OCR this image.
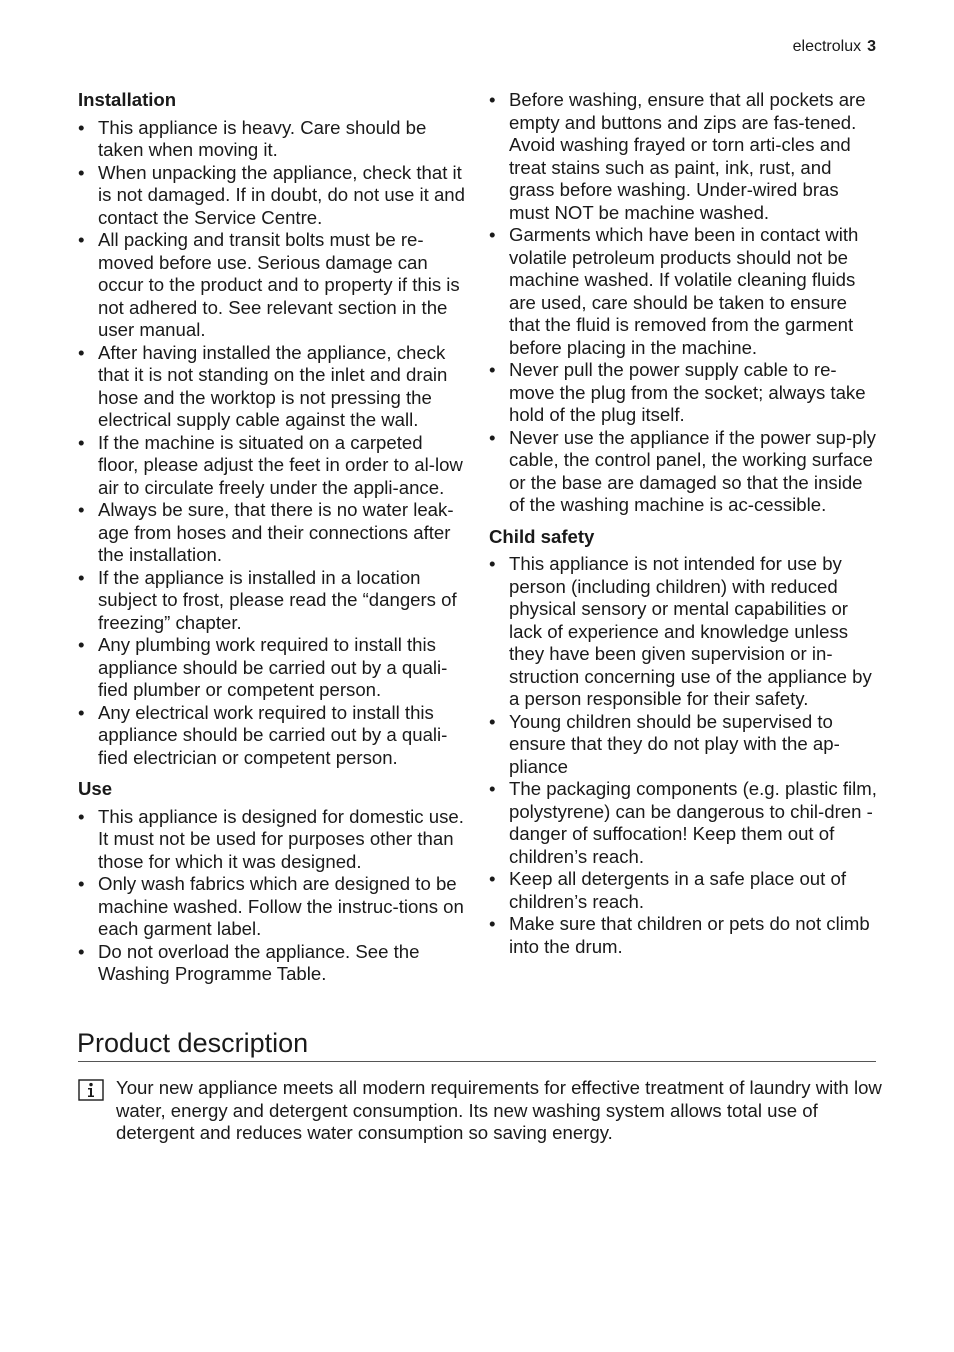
electrolux 3
Installation
• This appliance is heavy. Care should be taken when moving it.
• When unpacking the appliance, check that it is not damaged. If in doubt, do not use it and contact the Service Centre.
• All packing and transit bolts must be re-moved before use. Serious damage can occur to the product and to property if this is not adhered to. See relevant section in the user manual.
• After having installed the appliance, check that it is not standing on the inlet and drain hose and the worktop is not pressing the electrical supply cable against the wall.
• If the machine is situated on a carpeted floor, please adjust the feet in order to al-low air to circulate freely under the appli-ance.
• Always be sure, that there is no water leak-age from hoses and their connections after the installation.
• If the appliance is installed in a location subject to frost, please read the “dangers of freezing” chapter.
• Any plumbing work required to install this appliance should be carried out by a quali-fied plumber or competent person.
• Any electrical work required to install this appliance should be carried out by a quali-fied electrician or competent person.
Use
• This appliance is designed for domestic use. It must not be used for purposes other than those for which it was designed.
• Only wash fabrics which are designed to be machine washed. Follow the instruc-tions on each garment label.
• Do not overload the appliance. See the Washing Programme Table.
• Before washing, ensure that all pockets are empty and buttons and zips are fas-tened. Avoid washing frayed or torn arti-cles and treat stains such as paint, ink, rust, and grass before washing. Under-wired bras must NOT be machine washed.
• Garments which have been in contact with volatile petroleum products should not be machine washed. If volatile cleaning fluids are used, care should be taken to ensure that the fluid is removed from the garment before placing in the machine.
• Never pull the power supply cable to re-move the plug from the socket; always take hold of the plug itself.
• Never use the appliance if the power sup-ply cable, the control panel, the working surface or the base are damaged so that the inside of the washing machine is ac-cessible.
Child safety
• This appliance is not intended for use by person (including children) with reduced physical sensory or mental capabilities or lack of experience and knowledge unless they have been given supervision or in-struction concerning use of the appliance by a person responsible for their safety.
• Young children should be supervised to ensure that they do not play with the ap-pliance
• The packaging components (e.g. plastic film, polystyrene) can be dangerous to chil-dren - danger of suffocation! Keep them out of children’s reach.
• Keep all detergents in a safe place out of children’s reach.
• Make sure that children or pets do not climb into the drum.
Product description

Your new appliance meets all modern requirements for effective treatment of laundry with low water, energy and detergent consumption. Its new washing system allows total use of detergent and reduces water consumption so saving energy.
